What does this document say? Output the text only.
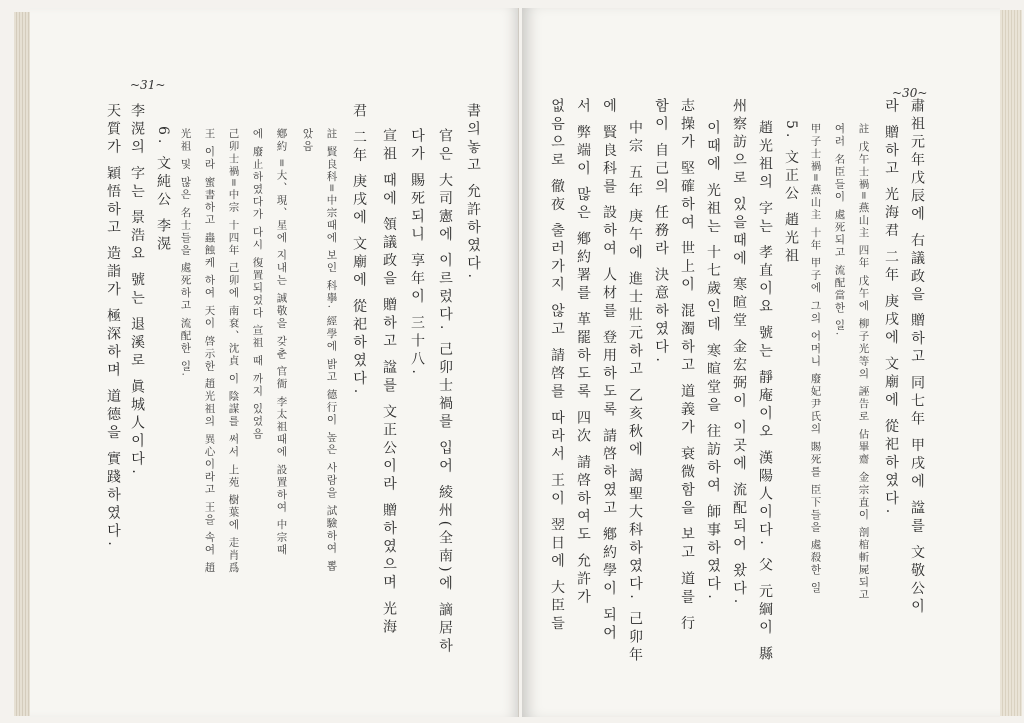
~31~
書의놓고 允許하였다.
官은 大司憲에 이르렀다. 己卯士禍를 입어 綾州(全南)에 謫居하
다가 賜死되니 享年이 三十八.
宣祖 때에 領議政을 贈하고 諡를 文正公이라 贈하였으며 光海
君 二年 庚戌에 文廟에 從祀하였다.
註 賢良科=中宗때에 보인 科擧. 經學에 밝고 德行이 높은 사람을 試驗하여 뽑
았음
鄕約 =大、現、星에 지내는 誠敬을 갖춘 官衙 李太祖때에 設置하여 中宗때
에 廢止하였다가 다시 復置되었다 宣祖 때 까지 있었음
己卯士禍=中宗 十四年 己卯에 南袞、沈貞 이 陰謀를 써서 上苑 樹葉에 走肖爲
王 이라 蜜書하고 蟲蝕케 하여 天이 啓示한 趙光祖의 異心이라고 王을 속여 趙
光祖 및 많은 名士들을 處死하고 流配한 일.
6. 文純公 李滉
李滉의 字는 景浩요 號는 退溪로 眞城人이다.
天質가 穎悟하고 造詣가 極深하며 道德을 實踐하였다.
~30~
肅祖元年戊辰에 右議政을 贈하고 同七年 甲戌에 諡를 文敬公이
라 贈하고 光海君 二年 庚戌에 文廟에 從祀하였다.
註 戊午士禍=燕山主 四年 戊午에 柳子光等의 誣告로 佔畢齋 金宗直이 剖棺斬屍되고
여러 名臣들이 處死되고 流配當한 일.
甲子士禍=燕山主 十年 甲子에 그의 어머니 廢妃尹氏의 賜死를 臣下들을 處殺한 일
5. 文正公 趙光祖
趙光祖의 字는 孝直이요 號는 靜庵이오 漢陽人이다. 父 元綱이 縣
州察訪으로 있을때에 寒暄堂 金宏弼이 이곳에 流配되어 왔다.
이때에 光祖는 十七歲인데 寒暄堂을 往訪하여 師事하였다.
志操가 堅確하여 世上이 混濁하고 道義가 衰微함을 보고 道를 行
함이 自己의 任務라 決意하였다.
中宗 五年 庚午에 進士壯元하고 乙亥秋에 謁聖大科하였다. 己卯年
에 賢良科를 設하여 人材를 登用하도록 請啓하였고 鄕約學이 되어
서 弊端이 많은 鄕約署를 革罷하도록 四次 請啓하여도 允許가
없음으로 徹夜 출러가지 않고 請啓를 따라서 王이 翌日에 大臣들
